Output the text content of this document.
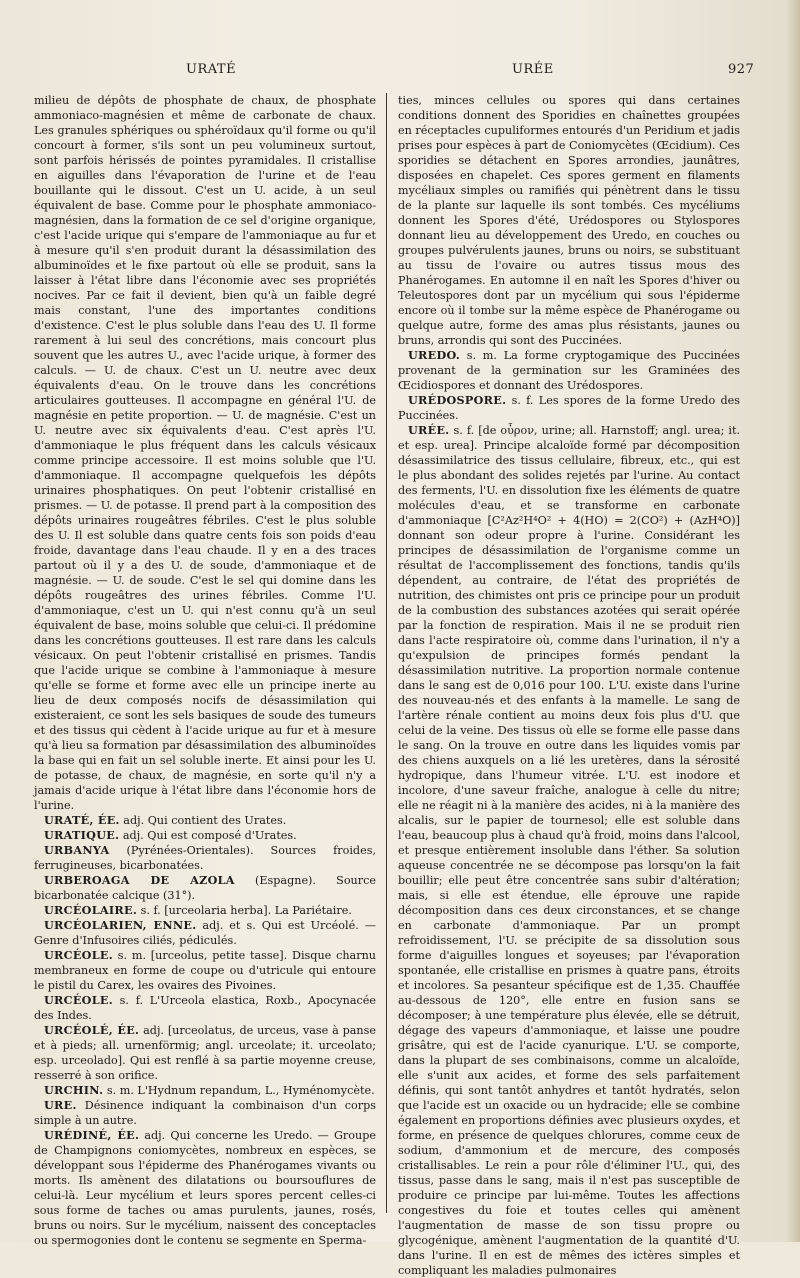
URATÉ	URÉE	927

milieu de dépôts de phosphate de chaux, de phosphate ammoniaco-magnésien et même de carbonate de chaux. Les granules sphériques ou sphéroïdaux qu'il forme ou qu'il concourt à former, s'ils sont un peu volumineux surtout, sont parfois hérissés de pointes pyramidales. Il cristallise en aiguilles dans l'évaporation de l'urine et de l'eau bouillante qui le dissout. C'est un U. acide, à un seul équivalent de base. Comme pour le phosphate ammoniaco-magnésien, dans la formation de ce sel d'origine organique, c'est l'acide urique qui s'empare de l'ammoniaque au fur et à mesure qu'il s'en produit durant la désassimilation des albuminoïdes et le fixe partout où elle se produit, sans la laisser à l'état libre dans l'économie avec ses propriétés nocives. Par ce fait il devient, bien qu'à un faible degré mais constant, l'une des importantes conditions d'existence. C'est le plus soluble dans l'eau des U. Il forme rarement à lui seul des concrétions, mais concourt plus souvent que les autres U., avec l'acide urique, à former des calculs. — U. de chaux. C'est un U. neutre avec deux équivalents d'eau. On le trouve dans les concrétions articulaires goutteuses. Il accompagne en général l'U. de magnésie en petite proportion. — U. de magnésie. C'est un U. neutre avec six équivalents d'eau. C'est après l'U. d'ammoniaque le plus fréquent dans les calculs vésicaux comme principe accessoire. Il est moins soluble que l'U. d'ammoniaque. Il accompagne quelquefois les dépôts urinaires phosphatiques. On peut l'obtenir cristallisé en prismes. — U. de potasse. Il prend part à la composition des dépôts urinaires rougeâtres fébriles. C'est le plus soluble des U. Il est soluble dans quatre cents fois son poids d'eau froide, davantage dans l'eau chaude. Il y en a des traces partout où il y a des U. de soude, d'ammoniaque et de magnésie. — U. de soude. C'est le sel qui domine dans les dépôts rougeâtres des urines fébriles. Comme l'U. d'ammoniaque, c'est un U. qui n'est connu qu'à un seul équivalent de base, moins soluble que celui-ci. Il prédomine dans les concrétions goutteuses. Il est rare dans les calculs vésicaux. On peut l'obtenir cristallisé en prismes. Tandis que l'acide urique se combine à l'ammoniaque à mesure qu'elle se forme et forme avec elle un principe inerte au lieu de deux composés nocifs de désassimilation qui existeraient, ce sont les sels basiques de soude des tumeurs et des tissus qui cèdent à l'acide urique au fur et à mesure qu'à lieu sa formation par désassimilation des albuminoïdes la base qui en fait un sel soluble inerte. Et ainsi pour les U. de potasse, de chaux, de magnésie, en sorte qu'il n'y a jamais d'acide urique à l'état libre dans l'économie hors de l'urine.

URATÉ, ÉE. adj. Qui contient des Urates.

URATIQUE. adj. Qui est composé d'Urates.

URBANYA (Pyrénées-Orientales). Sources froides, ferrugineuses, bicarbonatées.

URBEROAGA DE AZOLA (Espagne). Source bicarbonatée calcique (31°).

URCÉOLAIRE. s. f. [urceolaria herba]. La Pariétaire.

URCÉOLARIEN, ENNE. adj. et s. Qui est Urcéolé. — Genre d'Infusoires ciliés, pédiculés.

URCÉOLE. s. m. [urceolus, petite tasse]. Disque charnu membraneux en forme de coupe ou d'utricule qui entoure le pistil du Carex, les ovaires des Pivoines.

URCÉOLE. s. f. L'Urceola elastica, Roxb., Apocynacée des Indes.

URCÉOLÉ, ÉE. adj. [urceolatus, de urceus, vase à panse et à pieds; all. urnenförmig; angl. urceolate; it. urceolato; esp. urceolado]. Qui est renflé à sa partie moyenne creuse, resserré à son orifice.

URCHIN. s. m. L'Hydnum repandum, L., Hyménomycète.

URE. Désinence indiquant la combinaison d'un corps simple à un autre.

URÉDINÉ, ÉE. adj. Qui concerne les Uredo. — Groupe de Champignons coniomycètes, nombreux en espèces, se développant sous l'épiderme des Phanérogames vivants ou morts. Ils amènent des dilatations ou boursouflures de celui-là. Leur mycélium et leurs spores percent celles-ci sous forme de taches ou amas purulents, jaunes, rosés, bruns ou noirs. Sur le mycélium, naissent des conceptacles ou spermogonies dont le contenu se segmente en Sperma-

ties, minces cellules ou spores qui dans certaines conditions donnent des Sporidies en chaînettes groupées en réceptacles cupuliformes entourés d'un Peridium et jadis prises pour espèces à part de Coniomycètes (Œcidium). Ces sporidies se détachent en Spores arrondies, jaunâtres, disposées en chapelet. Ces spores germent en filaments mycéliaux simples ou ramifiés qui pénètrent dans le tissu de la plante sur laquelle ils sont tombés. Ces mycéliums donnent les Spores d'été, Urédospores ou Stylospores donnant lieu au développement des Uredo, en couches ou groupes pulvérulents jaunes, bruns ou noirs, se substituant au tissu de l'ovaire ou autres tissus mous des Phanérogames. En automne il en naît les Spores d'hiver ou Teleutospores dont par un mycélium qui sous l'épiderme encore où il tombe sur la même espèce de Phanérogame ou quelque autre, forme des amas plus résistants, jaunes ou bruns, arrondis qui sont des Puccinées.

UREDO. s. m. La forme cryptogamique des Puccinées provenant de la germination sur les Graminées des Œcidiospores et donnant des Urédospores.

URÉDOSPORE. s. f. Les spores de la forme Uredo des Puccinées.

URÉE. s. f. [de οὖρον, urine; all. Harnstoff; angl. urea; it. et esp. urea]. Principe alcaloïde formé par décomposition désassimilatrice des tissus cellulaire, fibreux, etc., qui est le plus abondant des solides rejetés par l'urine. Au contact des ferments, l'U. en dissolution fixe les éléments de quatre molécules d'eau, et se transforme en carbonate d'ammoniaque [C²Az²H⁴O² + 4(HO) = 2(CO²) + (AzH⁴O)] donnant son odeur propre à l'urine. Considérant les principes de désassimilation de l'organisme comme un résultat de l'accomplissement des fonctions, tandis qu'ils dépendent, au contraire, de l'état des propriétés de nutrition, des chimistes ont pris ce principe pour un produit de la combustion des substances azotées qui serait opérée par la fonction de respiration. Mais il ne se produit rien dans l'acte respiratoire où, comme dans l'urination, il n'y a qu'expulsion de principes formés pendant la désassimilation nutritive. La proportion normale contenue dans le sang est de 0,016 pour 100. L'U. existe dans l'urine des nouveau-nés et des enfants à la mamelle. Le sang de l'artère rénale contient au moins deux fois plus d'U. que celui de la veine. Des tissus où elle se forme elle passe dans le sang. On la trouve en outre dans les liquides vomis par des chiens auxquels on a lié les uretères, dans la sérosité hydropique, dans l'humeur vitrée. L'U. est inodore et incolore, d'une saveur fraîche, analogue à celle du nitre; elle ne réagit ni à la manière des acides, ni à la manière des alcalis, sur le papier de tournesol; elle est soluble dans l'eau, beaucoup plus à chaud qu'à froid, moins dans l'alcool, et presque entièrement insoluble dans l'éther. Sa solution aqueuse concentrée ne se décompose pas lorsqu'on la fait bouillir; elle peut être concentrée sans subir d'altération; mais, si elle est étendue, elle éprouve une rapide décomposition dans ces deux circonstances, et se change en carbonate d'ammoniaque. Par un prompt refroidissement, l'U. se précipite de sa dissolution sous forme d'aiguilles longues et soyeuses; par l'évaporation spontanée, elle cristallise en prismes à quatre pans, étroits et incolores. Sa pesanteur spécifique est de 1,35. Chauffée au-dessous de 120°, elle entre en fusion sans se décomposer; à une température plus élevée, elle se détruit, dégage des vapeurs d'ammoniaque, et laisse une poudre grisâtre, qui est de l'acide cyanurique. L'U. se comporte, dans la plupart de ses combinaisons, comme un alcaloïde, elle s'unit aux acides, et forme des sels parfaitement définis, qui sont tantôt anhydres et tantôt hydratés, selon que l'acide est un oxacide ou un hydracide; elle se combine également en proportions définies avec plusieurs oxydes, et forme, en présence de quelques chlorures, comme ceux de sodium, d'ammonium et de mercure, des composés cristallisables. Le rein a pour rôle d'éliminer l'U., qui, des tissus, passe dans le sang, mais il n'est pas susceptible de produire ce principe par lui-même. Toutes les affections congestives du foie et toutes celles qui amènent l'augmentation de masse de son tissu propre ou glycogénique, amènent l'augmentation de la quantité d'U. dans l'urine. Il en est de mêmes des ictères simples et compliquant les maladies pulmonaires
